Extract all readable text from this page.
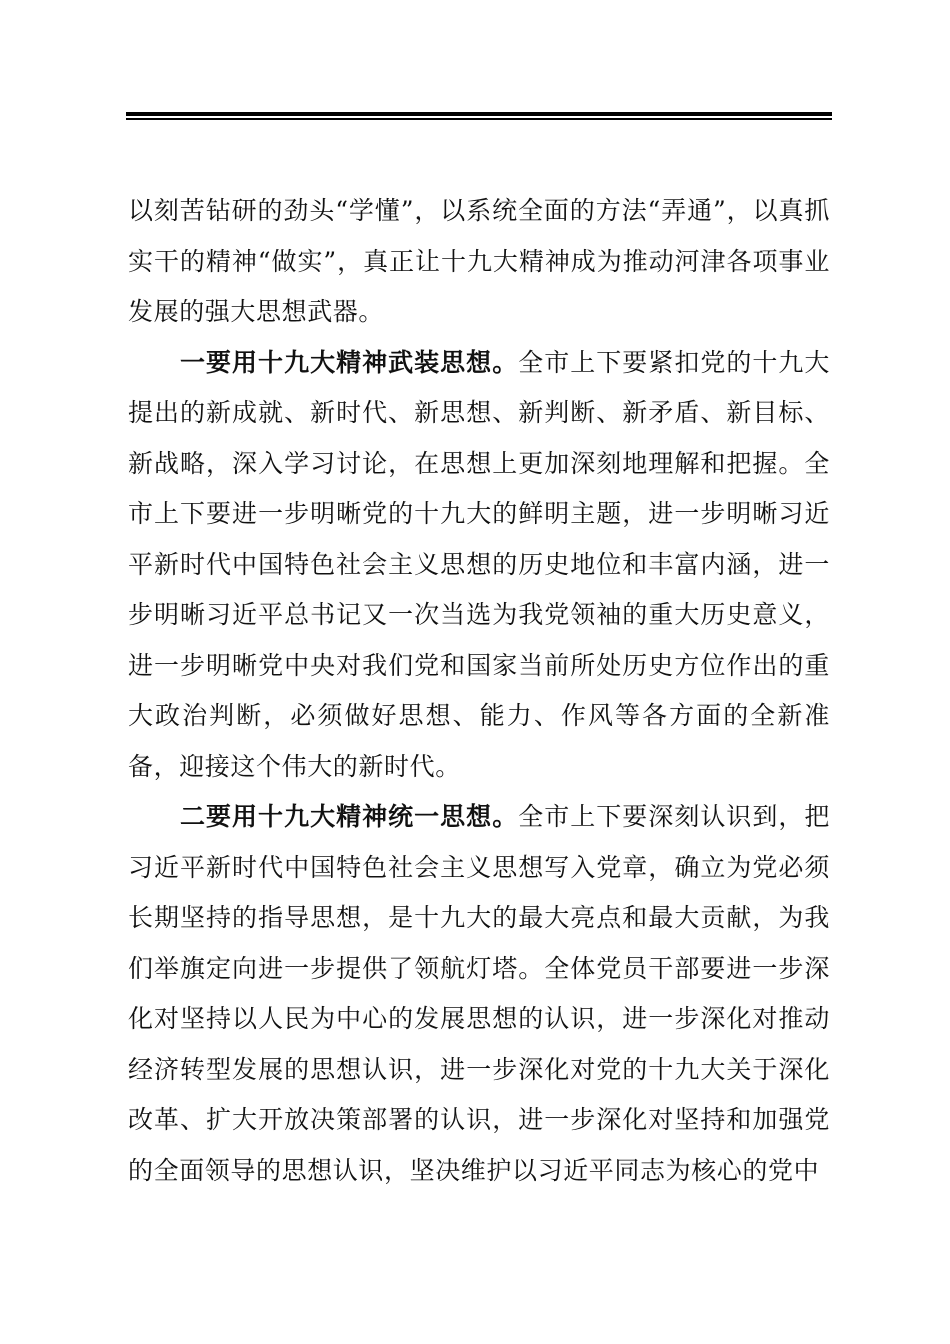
以刻苦钻研的劲头“学懂”，以系统全面的方法“弄通”，以真抓实干的精神“做实”，真正让十九大精神成为推动河津各项事业发展的强大思想武器。

一要用十九大精神武装思想。全市上下要紧扣党的十九大提出的新成就、新时代、新思想、新判断、新矛盾、新目标、新战略，深入学习讨论，在思想上更加深刻地理解和把握。全市上下要进一步明晰党的十九大的鲜明主题，进一步明晰习近平新时代中国特色社会主义思想的历史地位和丰富内涵，进一步明晰习近平总书记又一次当选为我党领袖的重大历史意义，进一步明晰党中央对我们党和国家当前所处历史方位作出的重大政治判断，必须做好思想、能力、作风等各方面的全新准备，迎接这个伟大的新时代。

二要用十九大精神统一思想。全市上下要深刻认识到，把习近平新时代中国特色社会主义思想写入党章，确立为党必须长期坚持的指导思想，是十九大的最大亮点和最大贡献，为我们举旗定向进一步提供了领航灯塔。全体党员干部要进一步深化对坚持以人民为中心的发展思想的认识，进一步深化对推动经济转型发展的思想认识，进一步深化对党的十九大关于深化改革、扩大开放决策部署的认识，进一步深化对坚持和加强党的全面领导的思想认识，坚决维护以习近平同志为核心的党中
